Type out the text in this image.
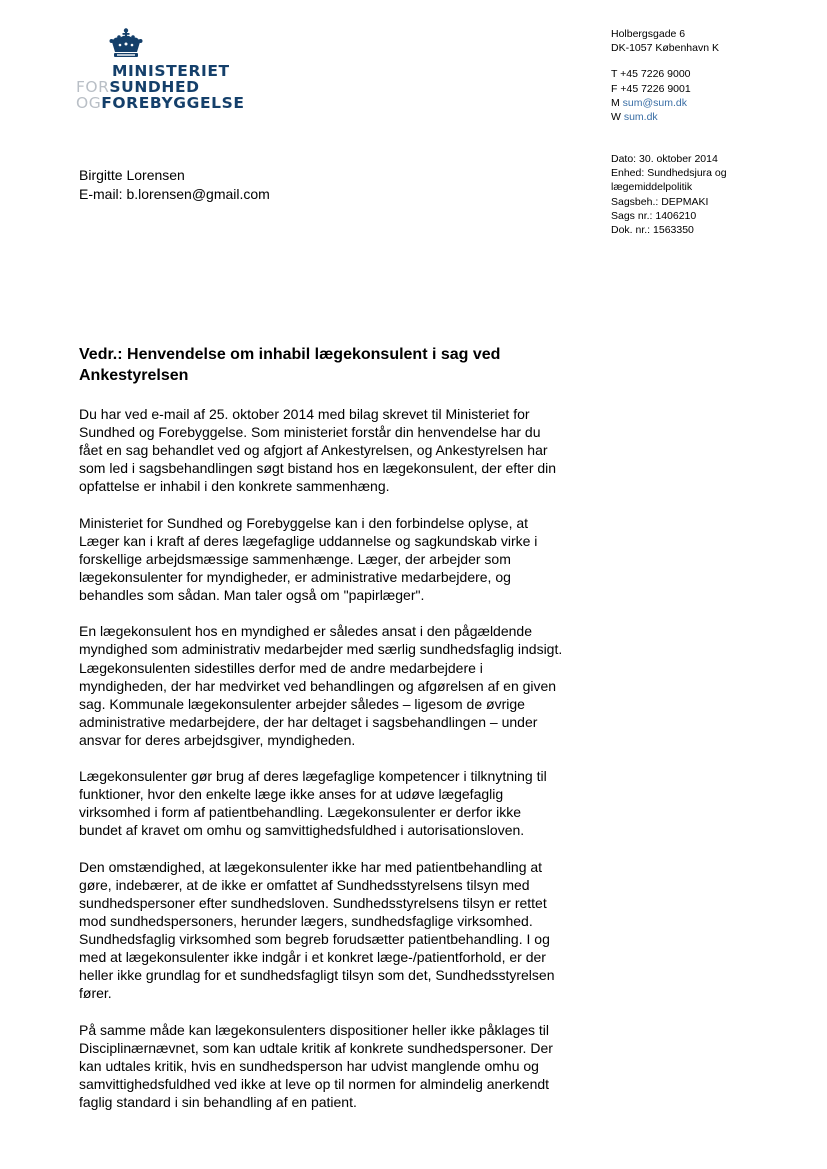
MINISTERIET
FORSUNDHED
OGFOREBYGGELSE
Holbergsgade 6
DK-1057 København K
T +45 7226 9000
F +45 7226 9001
M sum@sum.dk
W sum.dk
Dato: 30. oktober 2014
Enhed: Sundhedsjura og
lægemiddelpolitik
Sagsbeh.: DEPMAKI
Sags nr.: 1406210
Dok. nr.: 1563350
Birgitte Lorensen
E-mail: b.lorensen@gmail.com
Vedr.: Henvendelse om inhabil lægekonsulent i sag ved
Ankestyrelsen

Du har ved e-mail af 25. oktober 2014 med bilag skrevet til Ministeriet for
Sundhed og Forebyggelse. Som ministeriet forstår din henvendelse har du
fået en sag behandlet ved og afgjort af Ankestyrelsen, og Ankestyrelsen har
som led i sagsbehandlingen søgt bistand hos en lægekonsulent, der efter din
opfattelse er inhabil i den konkrete sammenhæng.

Ministeriet for Sundhed og Forebyggelse kan i den forbindelse oplyse, at
Læger kan i kraft af deres lægefaglige uddannelse og sagkundskab virke i
forskellige arbejdsmæssige sammenhænge. Læger, der arbejder som
lægekonsulenter for myndigheder, er administrative medarbejdere, og
behandles som sådan. Man taler også om "papirlæger".

En lægekonsulent hos en myndighed er således ansat i den pågældende
myndighed som administrativ medarbejder med særlig sundhedsfaglig indsigt.
Lægekonsulenten sidestilles derfor med de andre medarbejdere i
myndigheden, der har medvirket ved behandlingen og afgørelsen af en given
sag. Kommunale lægekonsulenter arbejder således – ligesom de øvrige
administrative medarbejdere, der har deltaget i sagsbehandlingen – under
ansvar for deres arbejdsgiver, myndigheden.

Lægekonsulenter gør brug af deres lægefaglige kompetencer i tilknytning til
funktioner, hvor den enkelte læge ikke anses for at udøve lægefaglig
virksomhed i form af patientbehandling. Lægekonsulenter er derfor ikke
bundet af kravet om omhu og samvittighedsfuldhed i autorisationsloven.

Den omstændighed, at lægekonsulenter ikke har med patientbehandling at
gøre, indebærer, at de ikke er omfattet af Sundhedsstyrelsens tilsyn med
sundhedspersoner efter sundhedsloven. Sundhedsstyrelsens tilsyn er rettet
mod sundhedspersoners, herunder lægers, sundhedsfaglige virksomhed.
Sundhedsfaglig virksomhed som begreb forudsætter patientbehandling. I og
med at lægekonsulenter ikke indgår i et konkret læge-/patientforhold, er der
heller ikke grundlag for et sundhedsfagligt tilsyn som det, Sundhedsstyrelsen
fører.

På samme måde kan lægekonsulenters dispositioner heller ikke påklages til
Disciplinærnævnet, som kan udtale kritik af konkrete sundhedspersoner. Der
kan udtales kritik, hvis en sundhedsperson har udvist manglende omhu og
samvittighedsfuldhed ved ikke at leve op til normen for almindelig anerkendt
faglig standard i sin behandling af en patient.
